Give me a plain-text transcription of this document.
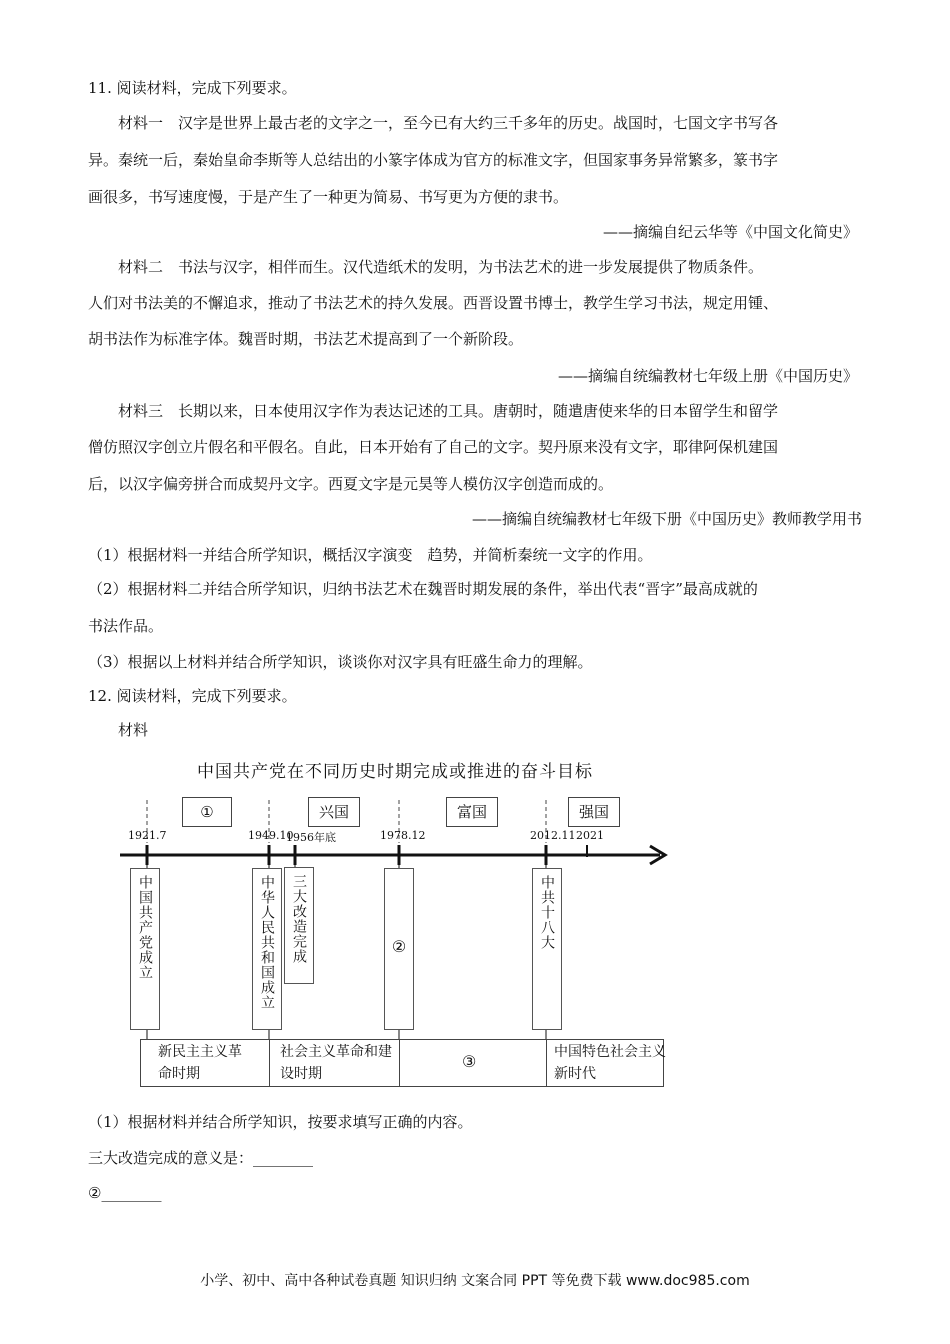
11. 阅读材料，完成下列要求。
材料一　汉字是世界上最古老的文字之一，至今已有大约三千多年的历史。战国时，七国文字书写各
异。秦统一后，秦始皇命李斯等人总结出的小篆字体成为官方的标准文字，但国家事务异常繁多，篆书字
画很多，书写速度慢，于是产生了一种更为简易、书写更为方便的隶书。
——摘编自纪云华等《中国文化简史》
材料二　书法与汉字，相伴而生。汉代造纸术的发明，为书法艺术的进一步发展提供了物质条件。
人们对书法美的不懈追求，推动了书法艺术的持久发展。西晋设置书博士，教学生学习书法，规定用锺、
胡书法作为标准字体。魏晋时期，书法艺术提高到了一个新阶段。
——摘编自统编教材七年级上册《中国历史》
材料三　长期以来，日本使用汉字作为表达记述的工具。唐朝时，随遣唐使来华的日本留学生和留学
僧仿照汉字创立片假名和平假名。自此，日本开始有了自己的文字。契丹原来没有文字，耶律阿保机建国
后，以汉字偏旁拼合而成契丹文字。西夏文字是元昊等人模仿汉字创造而成的。
——摘编自统编教材七年级下册《中国历史》教师教学用书
（1）根据材料一并结合所学知识，概括汉字演变　趋势，并简析秦统一文字的作用。
（2）根据材料二并结合所学知识，归纳书法艺术在魏晋时期发展的条件，举出代表“晋字”最高成就的
书法作品。
（3）根据以上材料并结合所学知识，谈谈你对汉字具有旺盛生命力的理解。
12. 阅读材料，完成下列要求。
材料
中国共产党在不同历史时期完成或推进的奋斗目标
①	兴国	富国	强国
1921.7	1949.10
1956年底	1978.12	2012.11 2021
中国共产党成立	中华人民共和国成立 三大改造完成	②	中共十八大
新民主主义革命时期
社会主义革命和建设时期
③	中国特色社会主义新时代
（1）根据材料并结合所学知识，按要求填写正确的内容。
三大改造完成的意义是：________
②________
小学、初中、高中各种试卷真题 知识归纳 文案合同 PPT 等免费下载 www.doc985.com
